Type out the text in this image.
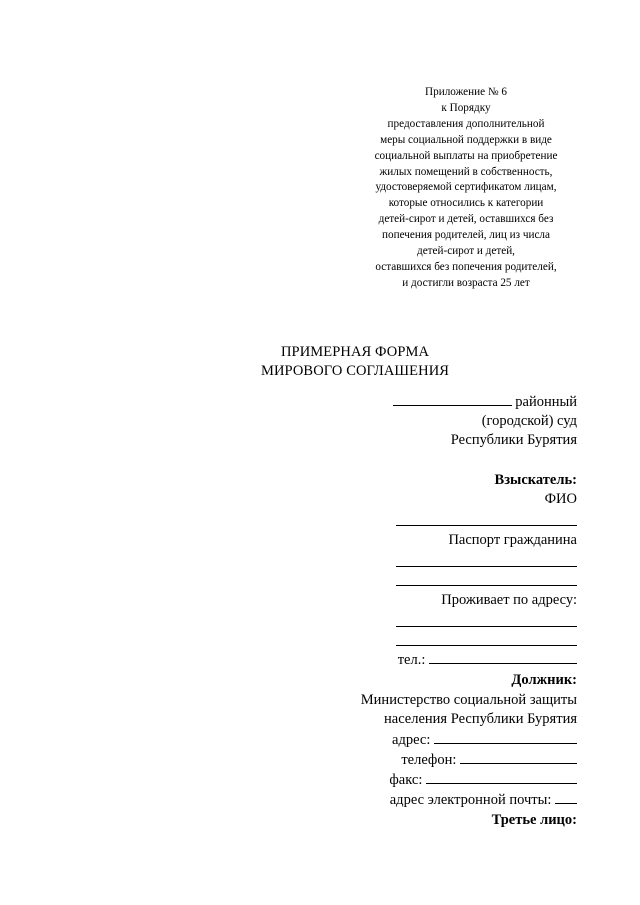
Приложение № 6
к Порядку
предоставления дополнительной
меры социальной поддержки в виде
социальной выплаты на приобретение
жилых помещений в собственность,
удостоверяемой сертификатом лицам,
которые относились к категории
детей-сирот и детей, оставшихся без
попечения родителей, лиц из числа
детей-сирот и детей,
оставшихся без попечения родителей,
и достигли возраста 25 лет
ПРИМЕРНАЯ ФОРМА
МИРОВОГО СОГЛАШЕНИЯ
районный
(городской) суд
Республики Бурятия
Взыскатель:
ФИО
Паспорт гражданина
Проживает по адресу:
тел.:
Должник:
Министерство социальной защиты
населения Республики Бурятия
адрес:
телефон:
факс:
адрес электронной почты:
Третье лицо:
